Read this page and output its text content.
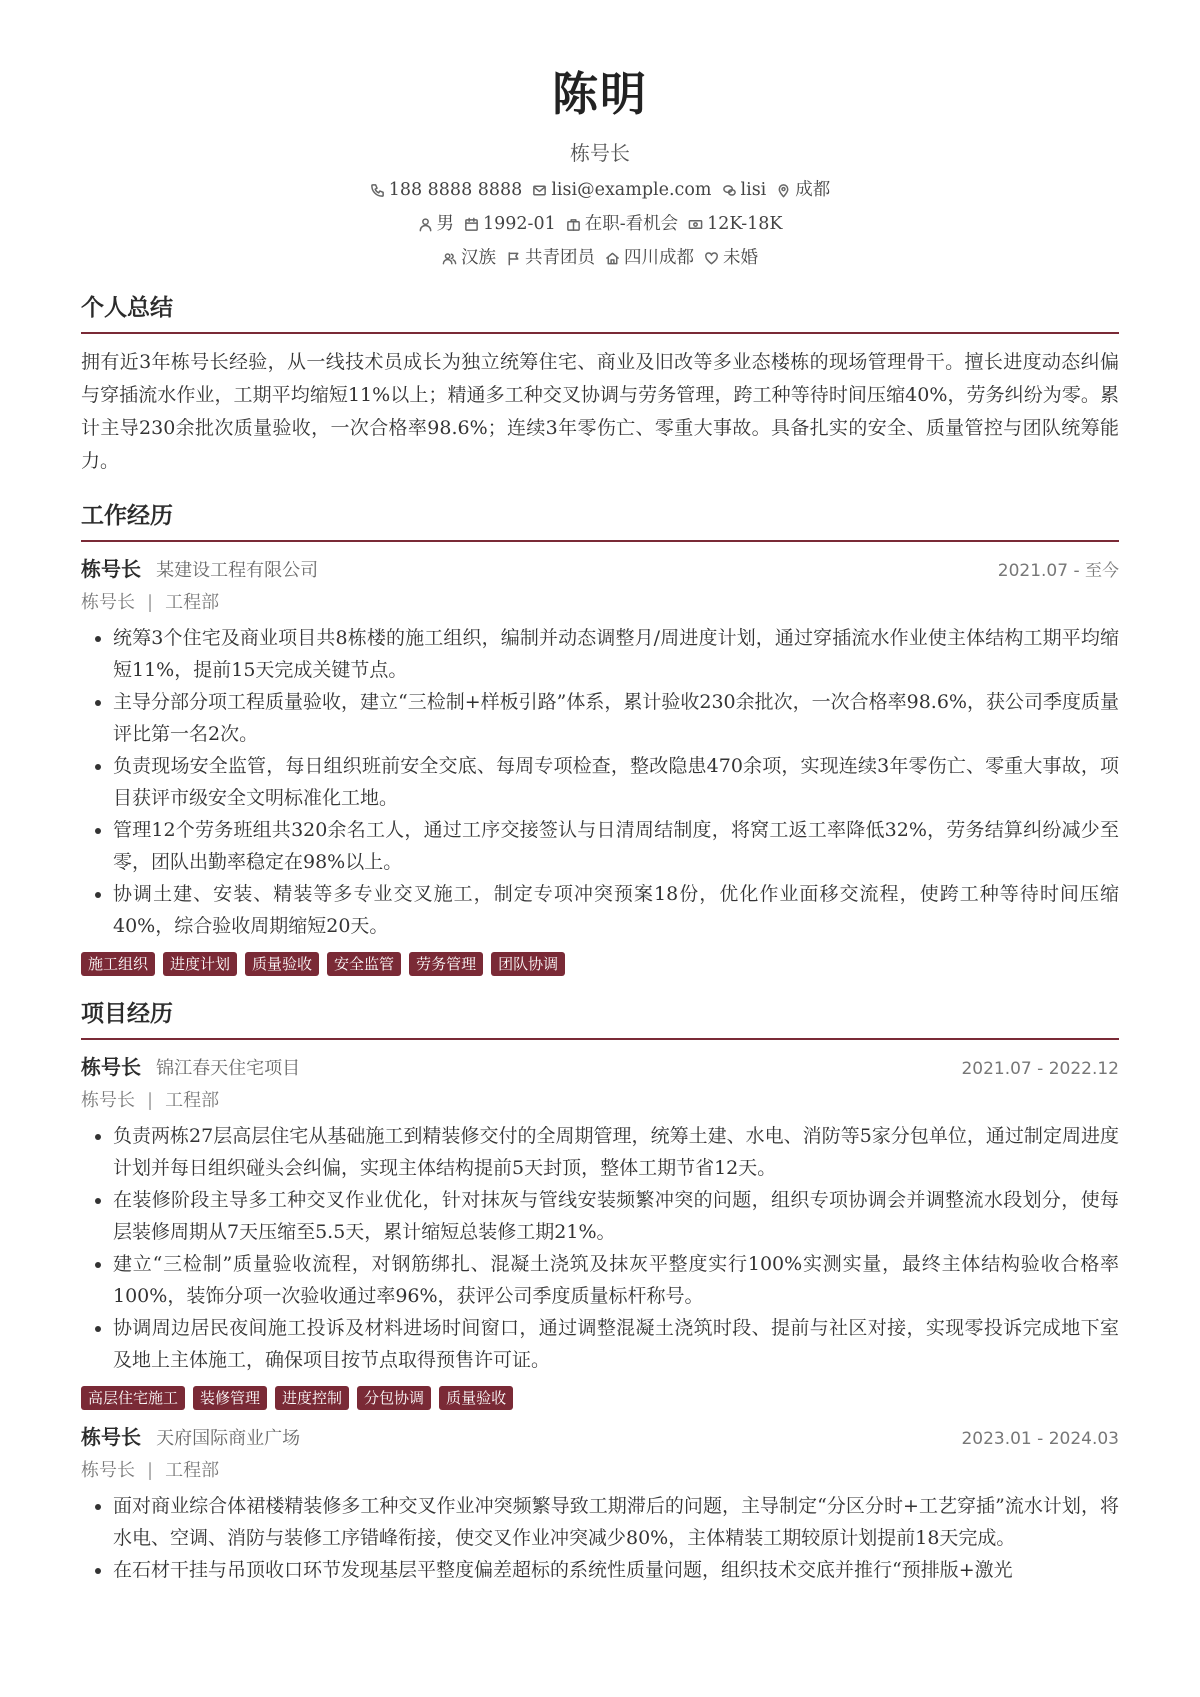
陈明
栋号长
188 8888 8888 lisi@example.com lisi 成都
男 1992-01 在职-看机会 12K-18K
汉族 共青团员 四川成都 未婚
个人总结

拥有近3年栋号长经验，从一线技术员成长为独立统筹住宅、商业及旧改等多业态楼栋的现场管理骨干。擅长进度动态纠偏与穿插流水作业，工期平均缩短11%以上；精通多工种交叉协调与劳务管理，跨工种等待时间压缩40%，劳务纠纷为零。累计主导230余批次质量验收，一次合格率98.6%；连续3年零伤亡、零重大事故。具备扎实的安全、质量管控与团队统筹能力。

工作经历
栋号长 某建设工程有限公司	2021.07 - 至今
栋号长 | 工程部
• 统筹3个住宅及商业项目共8栋楼的施工组织，编制并动态调整月/周进度计划，通过穿插流水作业使主体结构工期平均缩短11%，提前15天完成关键节点。
• 主导分部分项工程质量验收，建立“三检制+样板引路”体系，累计验收230余批次，一次合格率98.6%，获公司季度质量评比第一名2次。
• 负责现场安全监管，每日组织班前安全交底、每周专项检查，整改隐患470余项，实现连续3年零伤亡、零重大事故，项目获评市级安全文明标准化工地。
• 管理12个劳务班组共320余名工人，通过工序交接签认与日清周结制度，将窝工返工率降低32%，劳务结算纠纷减少至零，团队出勤率稳定在98%以上。
• 协调土建、安装、精装等多专业交叉施工，制定专项冲突预案18份，优化作业面移交流程，使跨工种等待时间压缩40%，综合验收周期缩短20天。
施工组织	进度计划	质量验收	安全监管	劳务管理	团队协调
项目经历
栋号长 锦江春天住宅项目	2021.07 - 2022.12
栋号长 | 工程部
• 负责两栋27层高层住宅从基础施工到精装修交付的全周期管理，统筹土建、水电、消防等5家分包单位，通过制定周进度计划并每日组织碰头会纠偏，实现主体结构提前5天封顶，整体工期节省12天。
• 在装修阶段主导多工种交叉作业优化，针对抹灰与管线安装频繁冲突的问题，组织专项协调会并调整流水段划分，使每层装修周期从7天压缩至5.5天，累计缩短总装修工期21%。
• 建立“三检制”质量验收流程，对钢筋绑扎、混凝土浇筑及抹灰平整度实行100%实测实量，最终主体结构验收合格率100%，装饰分项一次验收通过率96%，获评公司季度质量标杆称号。
• 协调周边居民夜间施工投诉及材料进场时间窗口，通过调整混凝土浇筑时段、提前与社区对接，实现零投诉完成地下室及地上主体施工，确保项目按节点取得预售许可证。
高层住宅施工	装修管理	进度控制	分包协调	质量验收
栋号长 天府国际商业广场	2023.01 - 2024.03
栋号长 | 工程部
• 面对商业综合体裙楼精装修多工种交叉作业冲突频繁导致工期滞后的问题，主导制定“分区分时+工艺穿插”流水计划，将水电、空调、消防与装修工序错峰衔接，使交叉作业冲突减少80%，主体精装工期较原计划提前18天完成。
• 在石材干挂与吊顶收口环节发现基层平整度偏差超标的系统性质量问题，组织技术交底并推行“预排版+激光
